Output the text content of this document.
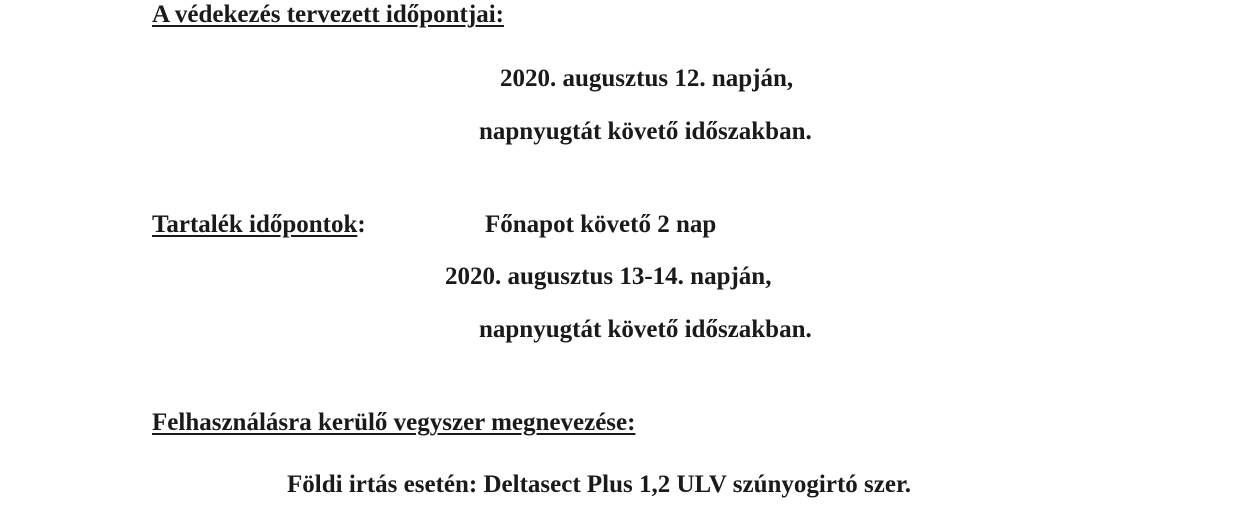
A védekezés tervezett időpontjai:
2020. augusztus 12. napján,
napnyugtát követő időszakban.
Tartalék időpontok:	Főnapot követő 2 nap
2020. augusztus 13-14. napján,
napnyugtát követő időszakban.
Felhasználásra kerülő vegyszer megnevezése:
Földi irtás esetén: Deltasect Plus 1,2 ULV szúnyogirtó szer.
